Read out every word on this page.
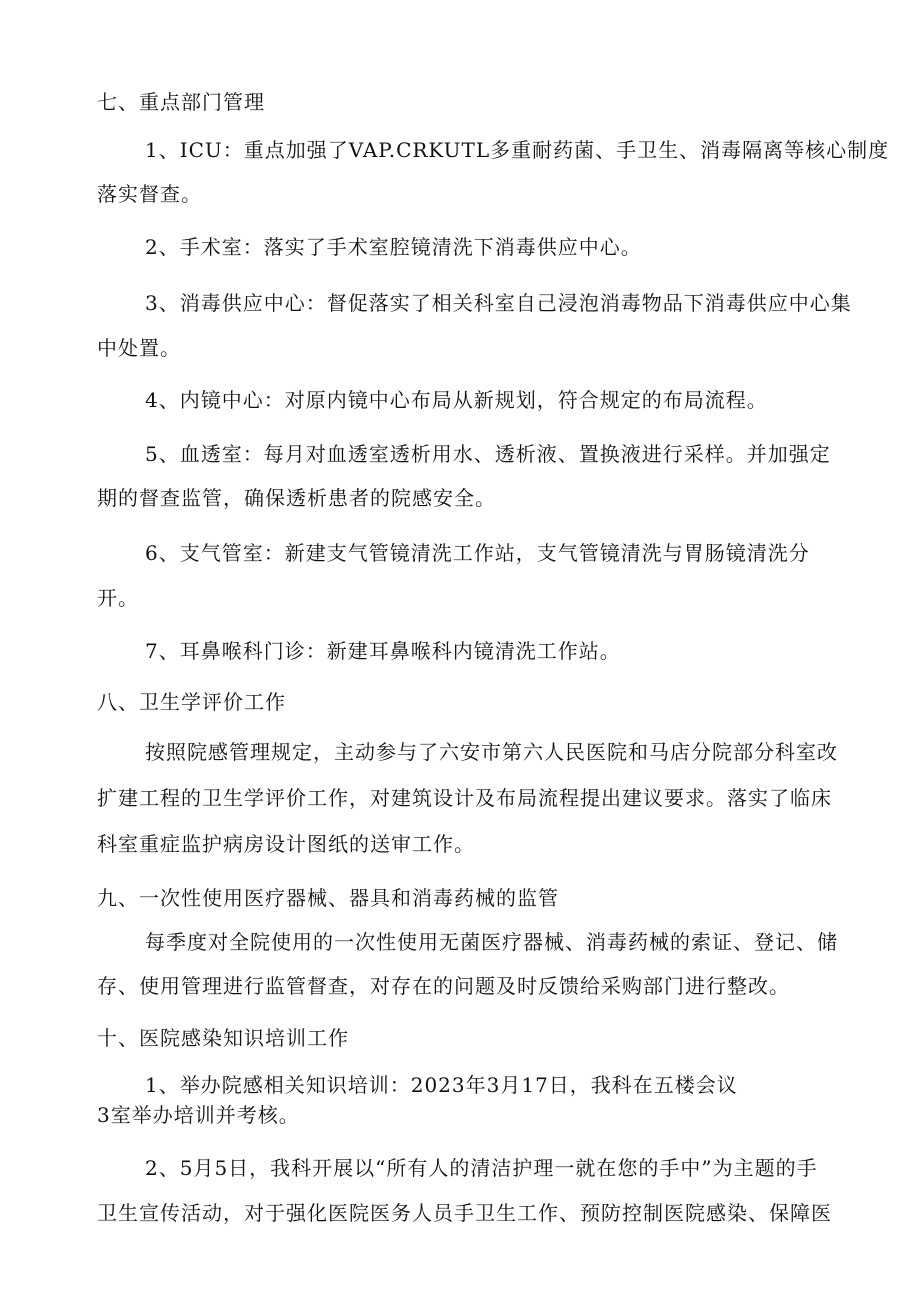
七、重点部门管理
1、ICU：重点加强了VAP.CRKUTL多重耐药菌、手卫生、消毒隔离等核心制度
落实督查。
2、手术室：落实了手术室腔镜清洗下消毒供应中心。
3、消毒供应中心：督促落实了相关科室自己浸泡消毒物品下消毒供应中心集
中处置。
4、内镜中心：对原内镜中心布局从新规划，符合规定的布局流程。
5、血透室：每月对血透室透析用水、透析液、置换液进行采样。并加强定
期的督查监管，确保透析患者的院感安全。
6、支气管室：新建支气管镜清洗工作站，支气管镜清洗与胃肠镜清洗分
开。
7、耳鼻喉科门诊：新建耳鼻喉科内镜清洗工作站。
八、卫生学评价工作
按照院感管理规定，主动参与了六安市第六人民医院和马店分院部分科室改
扩建工程的卫生学评价工作，对建筑设计及布局流程提出建议要求。落实了临床
科室重症监护病房设计图纸的送审工作。
九、一次性使用医疗器械、器具和消毒药械的监管
每季度对全院使用的一次性使用无菌医疗器械、消毒药械的索证、登记、储
存、使用管理进行监管督查，对存在的问题及时反馈给采购部门进行整改。
十、医院感染知识培训工作
1、举办院感相关知识培训：2023年3月17日，我科在五楼会议
3室举办培训并考核。
2、5月5日，我科开展以“所有人的清洁护理一就在您的手中”为主题的手
卫生宣传活动，对于强化医院医务人员手卫生工作、预防控制医院感染、保障医
